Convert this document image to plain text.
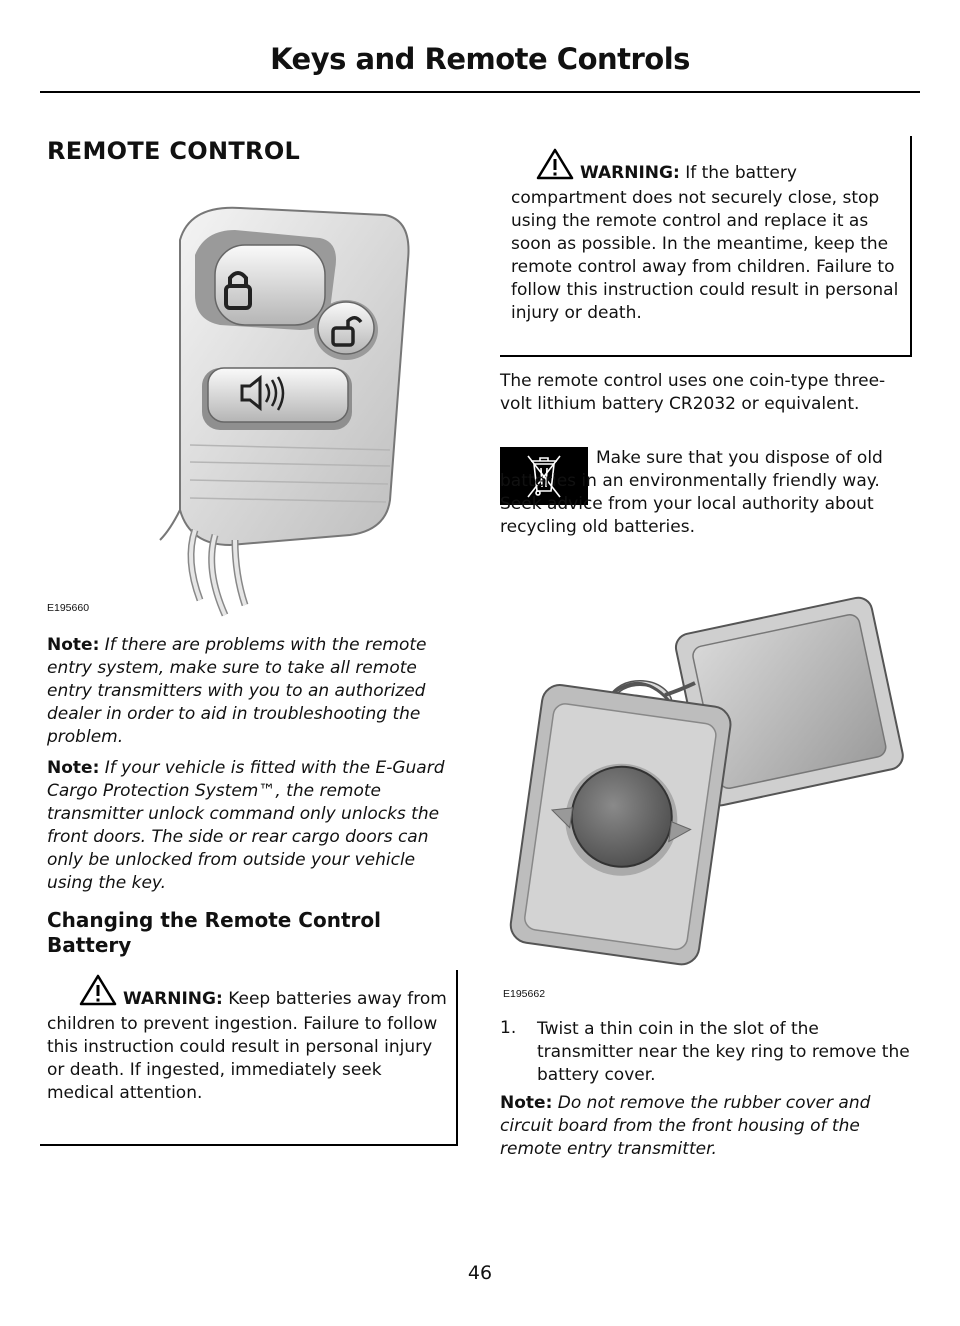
Keys and Remote Controls
REMOTE CONTROL
E195660
Note: If there are problems with the remote entry system, make sure to take all remote entry transmitters with you to an authorized dealer in order to aid in troubleshooting the problem.
Note: If your vehicle is fitted with the E-Guard Cargo Protection System™, the remote transmitter unlock command only unlocks the front doors. The side or rear cargo doors can only be unlocked from outside your vehicle using the key.
Changing the Remote Control Battery
WARNING: Keep batteries away from children to prevent ingestion. Failure to follow this instruction could result in personal injury or death. If ingested, immediately seek medical attention.
WARNING: If the battery compartment does not securely close, stop using the remote control and replace it as soon as possible. In the meantime, keep the remote control away from children. Failure to follow this instruction could result in personal injury or death.
The remote control uses one coin-type three-volt lithium battery CR2032 or equivalent.
Make sure that you dispose of old batteries in an environmentally friendly way. Seek advice from your local authority about recycling old batteries.
E195662
1. Twist a thin coin in the slot of the transmitter near the key ring to remove the battery cover.
Note: Do not remove the rubber cover and circuit board from the front housing of the remote entry transmitter.
46
